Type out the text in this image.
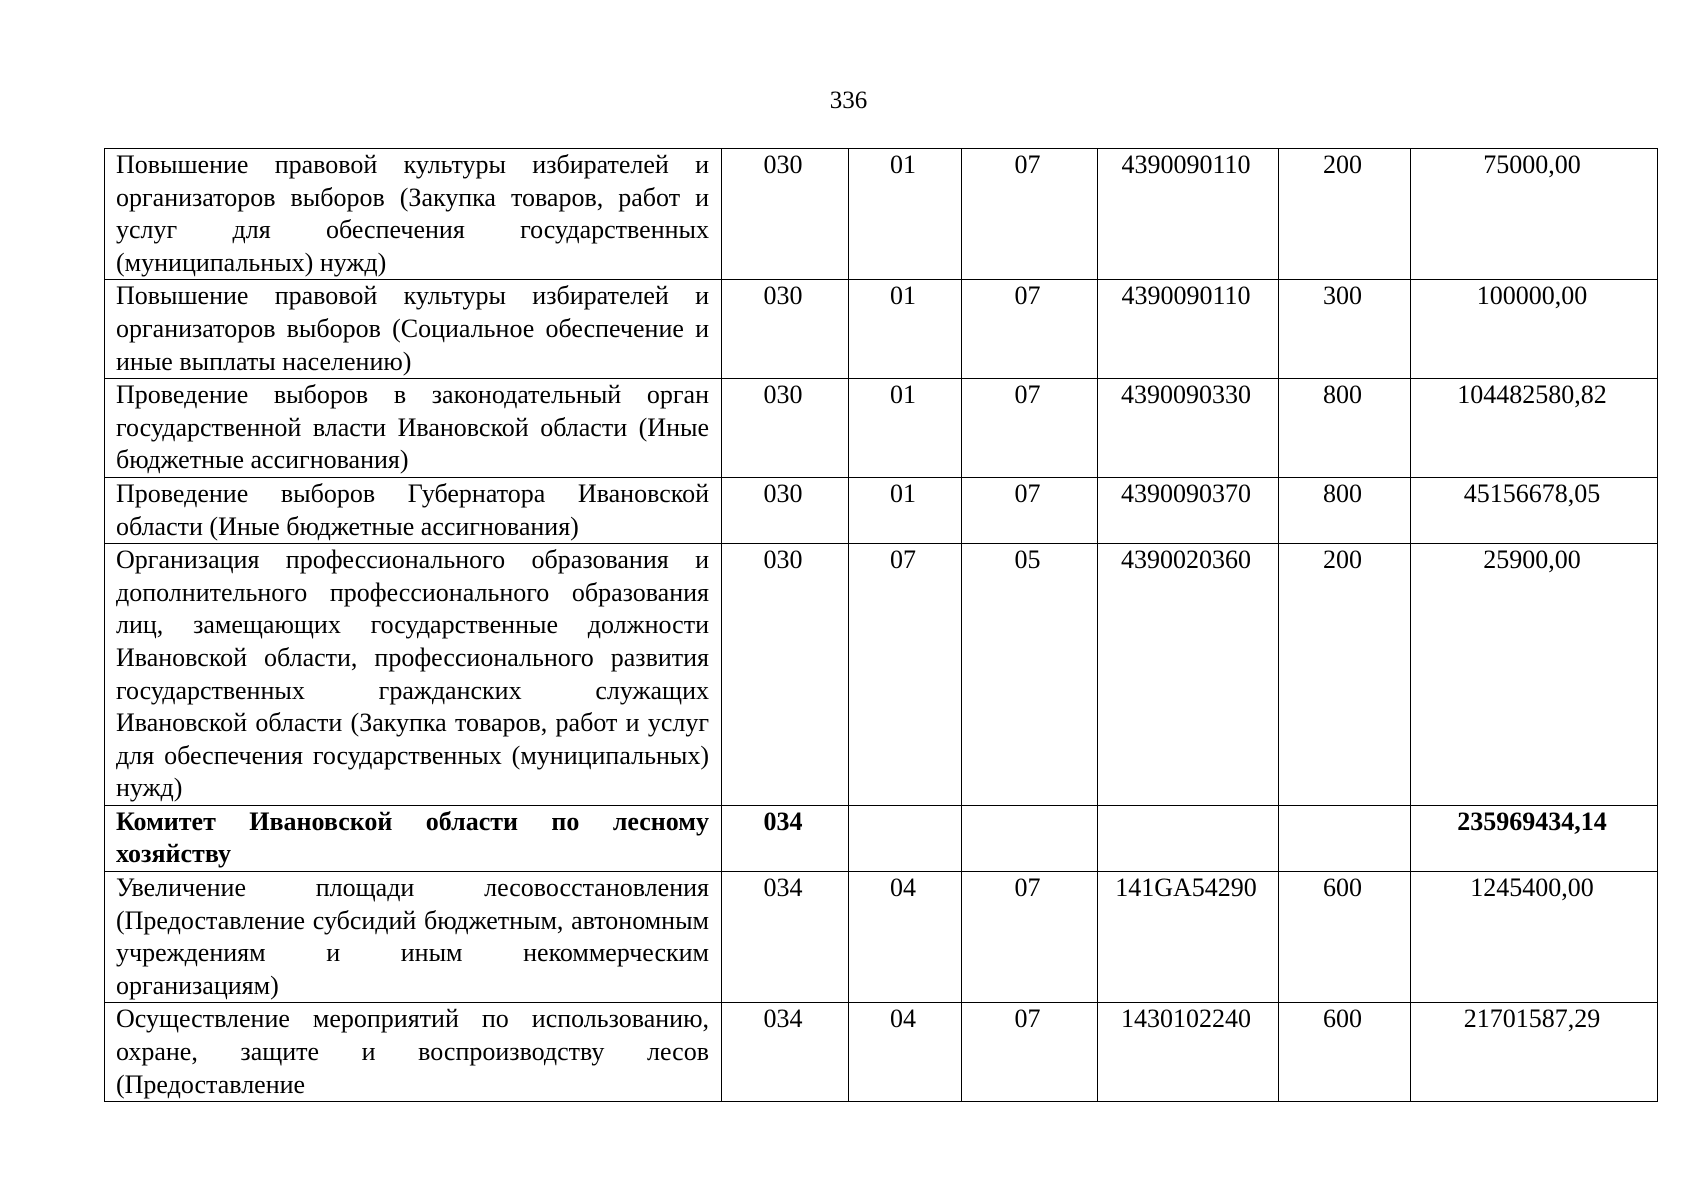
336
Повышение правовой культуры избирателей и организаторов выборов (Закупка товаров, работ и услуг для обеспечения государственных (муниципальных) нужд)	030	01	07	4390090110	200	75000,00
Повышение правовой культуры избирателей и организаторов выборов (Социальное обеспечение и иные выплаты населению)	030	01	07	4390090110	300	100000,00
Проведение выборов в законодательный орган государственной власти Ивановской области (Иные бюджетные ассигнования)	030	01	07	4390090330	800	104482580,82
Проведение выборов Губернатора Ивановской области (Иные бюджетные ассигнования)	030	01	07	4390090370	800	45156678,05
Организация профессионального образования и дополнительного профессионального образования лиц, замещающих государственные должности Ивановской области, профессионального развития государственных гражданских служащих Ивановской области (Закупка товаров, работ и услуг для обеспечения государственных (муниципальных) нужд)	030	07	05	4390020360	200	25900,00
Комитет Ивановской области по лесному хозяйству	034					235969434,14
Увеличение площади лесовосстановления (Предоставление субсидий бюджетным, автономным учреждениям и иным некоммерческим организациям)	034	04	07	141GA54290	600	1245400,00
Осуществление мероприятий по использованию, охране, защите и воспроизводству лесов (Предоставление	034	04	07	1430102240	600	21701587,29
